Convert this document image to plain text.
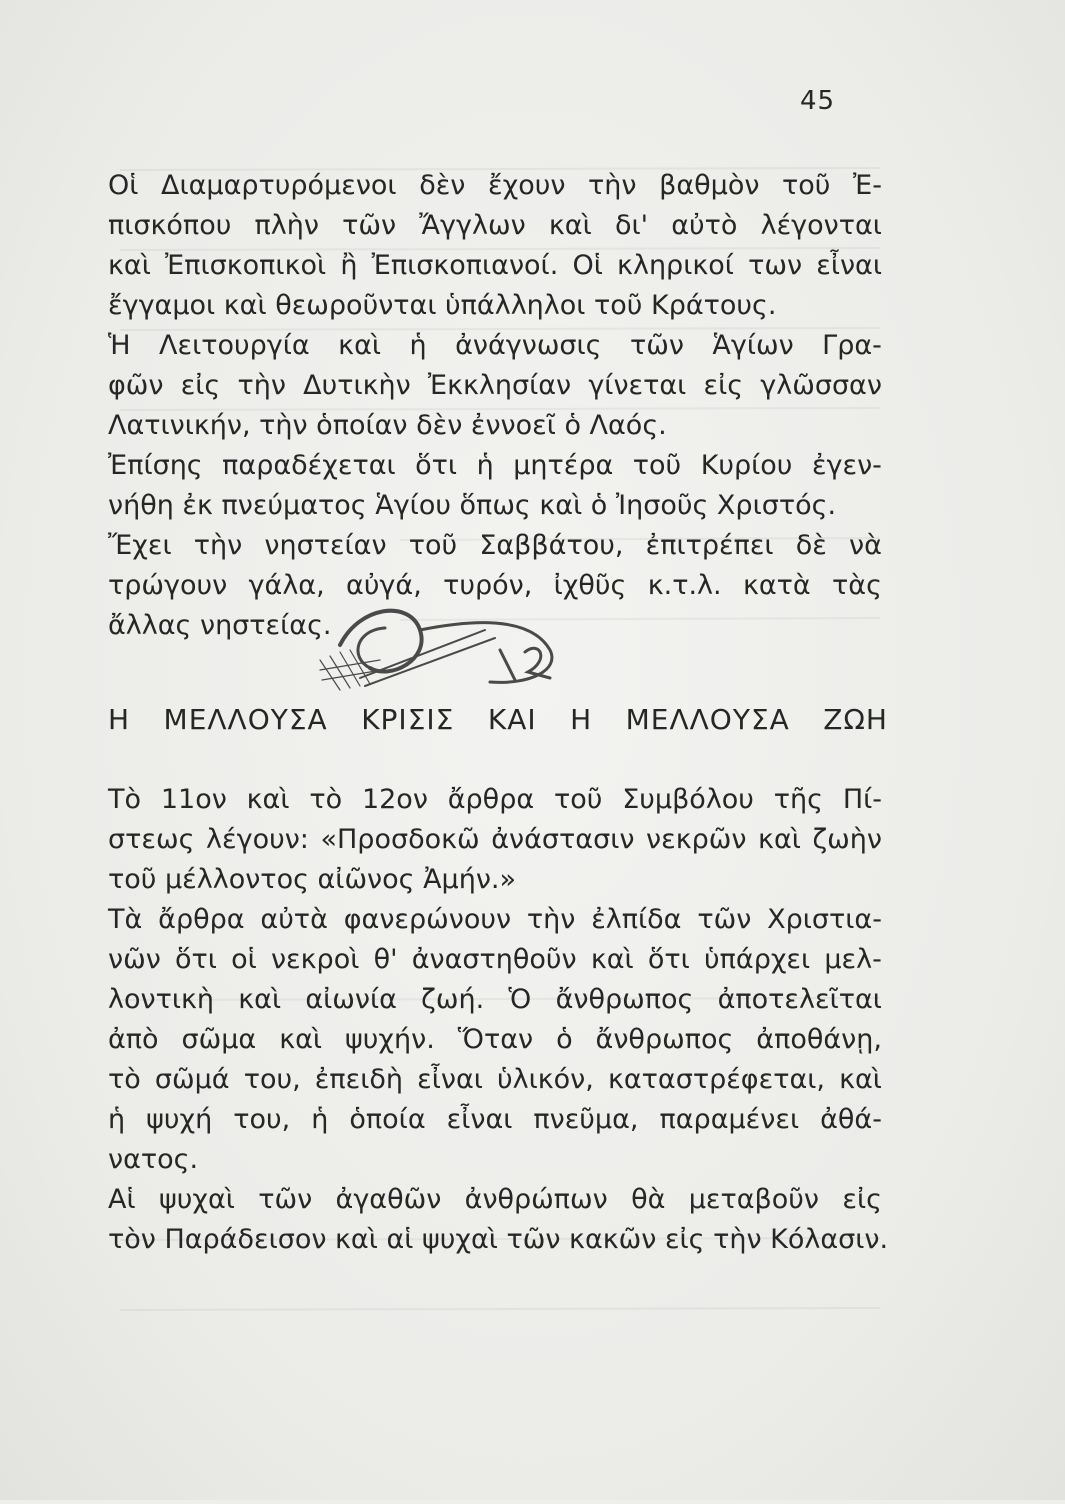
45
Οἱ Διαμαρτυρόμενοι δὲν ἔχουν τὴν βαθμὸν τοῦ Ἐ-
πισκόπου πλὴν τῶν Ἄγγλων καὶ δι' αὐτὸ λέγονται
καὶ Ἐπισκοπικοὶ ἢ Ἐπισκοπιανοί. Οἱ κληρικοί των εἶναι
ἔγγαμοι καὶ θεωροῦνται ὑπάλληλοι τοῦ Κράτους.
Ἡ Λειτουργία καὶ ἡ ἀνάγνωσις τῶν Ἁγίων Γρα-
φῶν εἰς τὴν Δυτικὴν Ἐκκλησίαν γίνεται εἰς γλῶσσαν
Λατινικήν, τὴν ὁποίαν δὲν ἐννοεῖ ὁ Λαός.
Ἐπίσης παραδέχεται ὅτι ἡ μητέρα τοῦ Κυρίου ἐγεν-
νήθη ἐκ πνεύματος Ἁγίου ὅπως καὶ ὁ Ἰησοῦς Χριστός.
Ἔχει τὴν νηστείαν τοῦ Σαββάτου, ἐπιτρέπει δὲ νὰ
τρώγουν γάλα, αὐγά, τυρόν, ἰχθῦς κ.τ.λ. κατὰ τὰς
ἄλλας νηστείας.
Η ΜΕΛΛΟΥΣΑ ΚΡΙΣΙΣ ΚΑΙ Η ΜΕΛΛΟΥΣΑ ΖΩΗ
Τὸ 11ον καὶ τὸ 12ον ἄρθρα τοῦ Συμβόλου τῆς Πί-
στεως λέγουν: «Προσδοκῶ ἀνάστασιν νεκρῶν καὶ ζωὴν
τοῦ μέλλοντος αἰῶνος Ἀμήν.»
Τὰ ἄρθρα αὐτὰ φανερώνουν τὴν ἐλπίδα τῶν Χριστια-
νῶν ὅτι οἱ νεκροὶ θ' ἀναστηθοῦν καὶ ὅτι ὑπάρχει μελ-
λοντικὴ καὶ αἰωνία ζωή. Ὁ ἄνθρωπος ἀποτελεῖται
ἀπὸ σῶμα καὶ ψυχήν. Ὅταν ὁ ἄνθρωπος ἀποθάνῃ,
τὸ σῶμά του, ἐπειδὴ εἶναι ὑλικόν, καταστρέφεται, καὶ
ἡ ψυχή του, ἡ ὁποία εἶναι πνεῦμα, παραμένει ἀθά-
νατος.
Αἱ ψυχαὶ τῶν ἀγαθῶν ἀνθρώπων θὰ μεταβοῦν εἰς
τὸν Παράδεισον καὶ αἱ ψυχαὶ τῶν κακῶν εἰς τὴν Κόλασιν.
